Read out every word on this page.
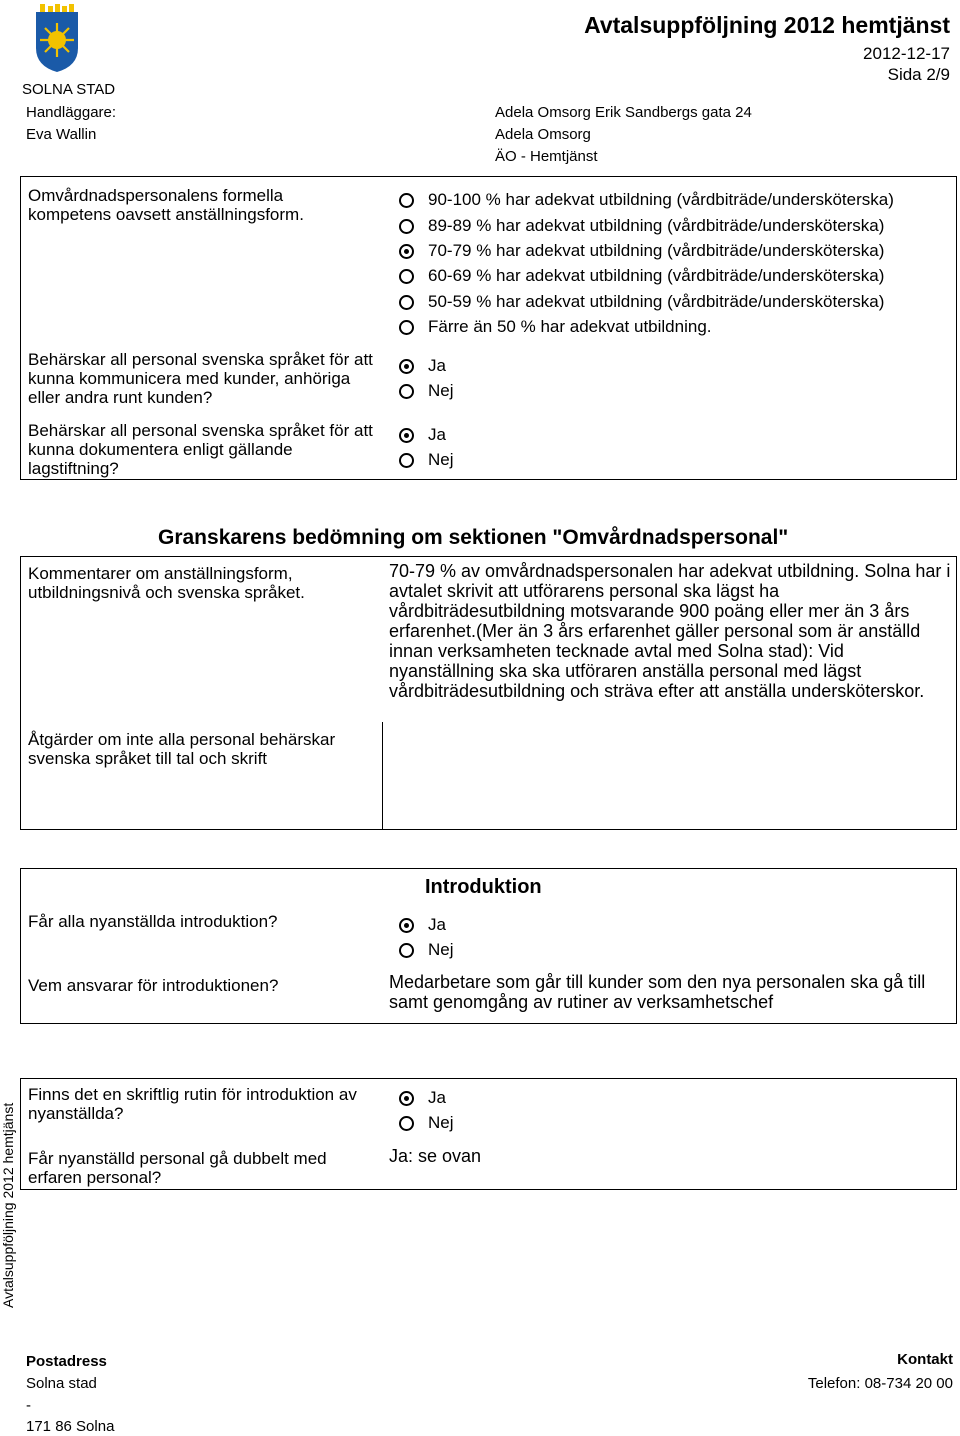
SOLNA STAD
Avtalsuppföljning 2012 hemtjänst
2012-12-17
Sida 2/9
Handläggare:
Eva Wallin
Adela Omsorg Erik Sandbergs gata 24
Adela Omsorg
ÄO - Hemtjänst
Omvårdnadspersonalens formella kompetens oavsett anställningsform.
90-100 % har adekvat utbildning (vårdbiträde/undersköterska)
89-89 % har adekvat utbildning (vårdbiträde/undersköterska)
70-79 % har adekvat utbildning (vårdbiträde/undersköterska)
60-69 % har adekvat utbildning (vårdbiträde/undersköterska)
50-59 % har adekvat utbildning (vårdbiträde/undersköterska)
Färre än 50 % har adekvat utbildning.
Behärskar all personal svenska språket för att kunna kommunicera med kunder, anhöriga eller andra runt kunden?
Ja
Nej
Behärskar all personal svenska språket för att kunna dokumentera enligt gällande lagstiftning?
Ja
Nej
Granskarens bedömning om sektionen "Omvårdnadspersonal"
Kommentarer om anställningsform, utbildningsnivå och svenska språket.
70-79 % av omvårdnadspersonalen har adekvat utbildning. Solna har i avtalet skrivit att utförarens personal ska lägst ha vårdbiträdesutbildning motsvarande 900 poäng eller mer än 3 års erfarenhet.(Mer än 3 års erfarenhet gäller personal som är anställd innan verksamheten tecknade avtal med Solna stad): Vid nyanställning ska ska utföraren anställa personal med lägst vårdbiträdesutbildning och sträva efter att anställa undersköterskor.
Åtgärder om inte alla personal behärskar svenska språket till tal och skrift
Introduktion
Får alla nyanställda introduktion?	Ja
Nej
Vem ansvarar för introduktionen?	Medarbetare som går till kunder som den nya personalen ska gå till samt genomgång av rutiner av verksamhetschef
Finns det en skriftlig rutin för introduktion av nyanställda?
Ja
Nej
Får nyanställd personal gå dubbelt med erfaren personal?
Ja: se ovan
Avtalsuppföljning 2012 hemtjänst
Postadress
Solna stad
-
171 86 Solna
Kontakt
Telefon: 08-734 20 00
